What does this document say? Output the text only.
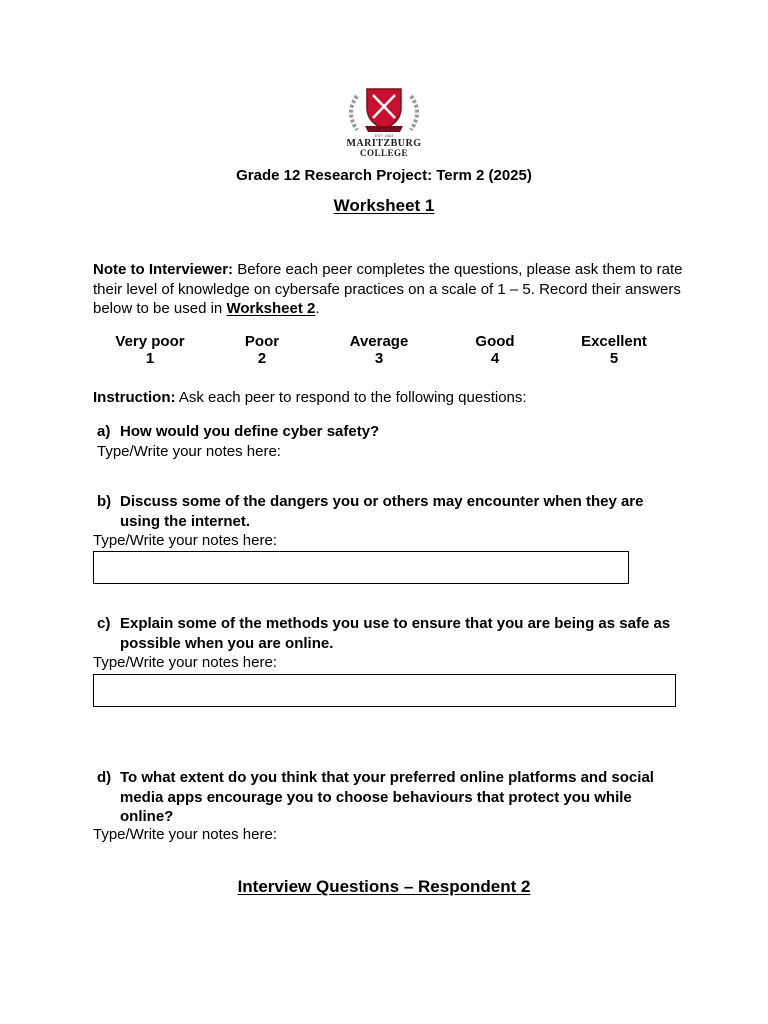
EST. 1863
MARITZBURG
COLLEGE
Grade 12 Research Project: Term 2 (2025)
Worksheet 1
Note to Interviewer: Before each peer completes the questions, please ask them to rate their level of knowledge on cybersafe practices on a scale of 1 – 5. Record their answers below to be used in Worksheet 2.
Very poor
1
Poor
2
Average
3
Good
4
Excellent
5
Instruction: Ask each peer to respond to the following questions:
a) How would you define cyber safety?
Type/Write your notes here:
b) Discuss some of the dangers you or others may encounter when they are using the internet.
Type/Write your notes here:
c) Explain some of the methods you use to ensure that you are being as safe as possible when you are online.
Type/Write your notes here:
d) To what extent do you think that your preferred online platforms and social media apps encourage you to choose behaviours that protect you while online?
Type/Write your notes here:
Interview Questions – Respondent 2
